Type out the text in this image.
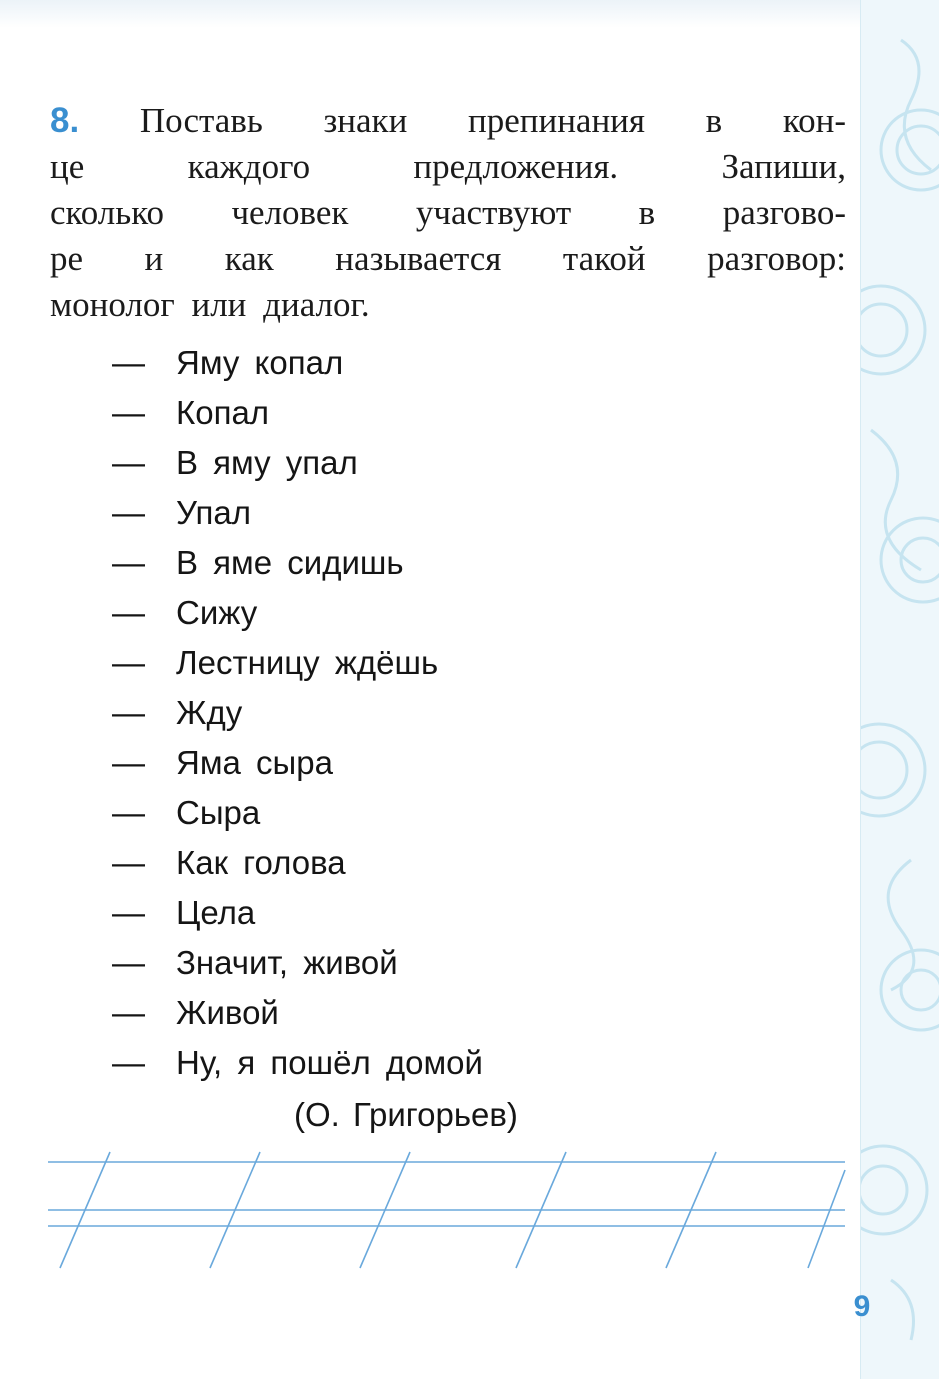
8. Поставь знаки препинания в кон-
це каждого предложения. Запиши,
сколько человек участвуют в разгово-
ре и как называется такой разговор:
монолог или диалог.
— Яму копал
— Копал
— В яму упал
— Упал
— В яме сидишь
— Сижу
— Лестницу ждёшь
— Жду
— Яма сыра
— Сыра
— Как голова
— Цела
— Значит, живой
— Живой
— Ну, я пошёл домой
(О. Григорьев)
9
